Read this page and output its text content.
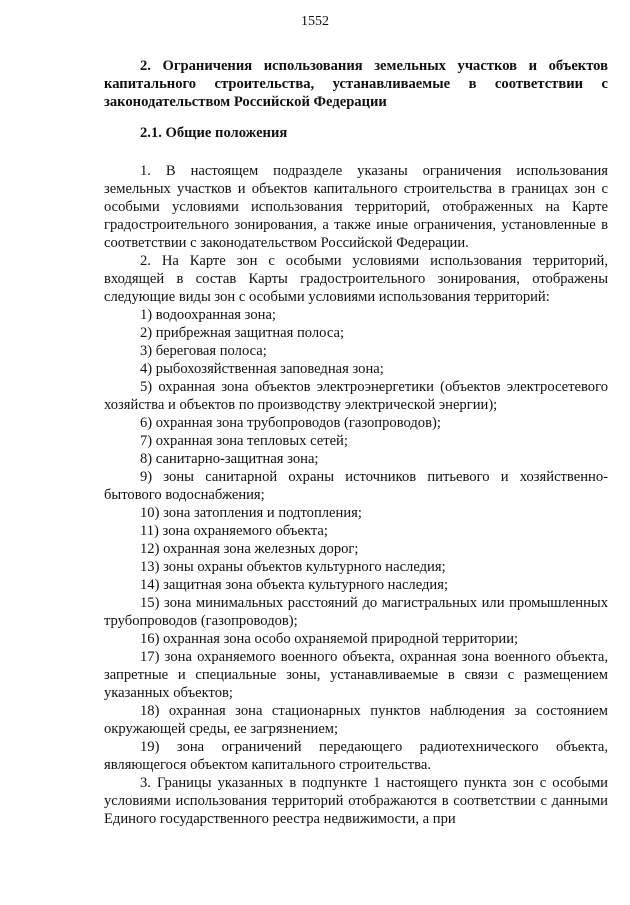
1552

2. Ограничения использования земельных участков и объектов капитального строительства, устанавливаемые в соответствии с законодательством Российской Федерации

2.1. Общие положения

1. В настоящем подразделе указаны ограничения использования земельных участков и объектов капитального строительства в границах зон с особыми условиями использования территорий, отображенных на Карте градостроительного зонирования, а также иные ограничения, установленные в соответствии с законодательством Российской Федерации.

2. На Карте зон с особыми условиями использования территорий, входящей в состав Карты градостроительного зонирования, отображены следующие виды зон с особыми условиями использования территорий:

1) водоохранная зона;

2) прибрежная защитная полоса;

3) береговая полоса;

4) рыбохозяйственная заповедная зона;

5) охранная зона объектов электроэнергетики (объектов электросетевого хозяйства и объектов по производству электрической энергии);

6) охранная зона трубопроводов (газопроводов);

7) охранная зона тепловых сетей;

8) санитарно-защитная зона;

9) зоны санитарной охраны источников питьевого и хозяйственно-бытового водоснабжения;

10) зона затопления и подтопления;

11) зона охраняемого объекта;

12) охранная зона железных дорог;

13) зоны охраны объектов культурного наследия;

14) защитная зона объекта культурного наследия;

15) зона минимальных расстояний до магистральных или промышленных трубопроводов (газопроводов);

16) охранная зона особо охраняемой природной территории;

17) зона охраняемого военного объекта, охранная зона военного объекта, запретные и специальные зоны, устанавливаемые в связи с размещением указанных объектов;

18) охранная зона стационарных пунктов наблюдения за состоянием окружающей среды, ее загрязнением;

19) зона ограничений передающего радиотехнического объекта, являющегося объектом капитального строительства.

3. Границы указанных в подпункте 1 настоящего пункта зон с особыми условиями использования территорий отображаются в соответствии с данными Единого государственного реестра недвижимости, а при
